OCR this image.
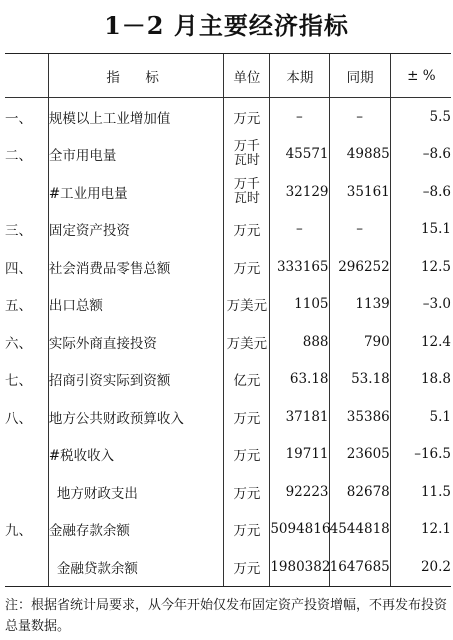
1－2 月主要经济指标
	指　标	单位	本期	同期	± %
一、	规模以上工业增加值	万元	–	–	5.5
二、	全市用电量	万千瓦时	45571	49885	–8.6
	#工业用电量	万千瓦时	32129	35161	–8.6
三、	固定资产投资	万元	–	–	15.1
四、	社会消费品零售总额	万元	333165	296252	12.5
五、	出口总额	万美元	1105	1139	–3.0
六、	实际外商直接投资	万美元	888	790	12.4
七、	招商引资实际到资额	亿元	63.18	53.18	18.8
八、	地方公共财政预算收入	万元	37181	35386	5.1
	#税收收入	万元	19711	23605	–16.5
	地方财政支出	万元	92223	82678	11.5
九、	金融存款余额	万元	5094816	4544818	12.1
	金融贷款余额	万元	1980382	1647685	20.2
注：根据省统计局要求，从今年开始仅发布固定资产投资增幅，不再发布投资总量数据。
